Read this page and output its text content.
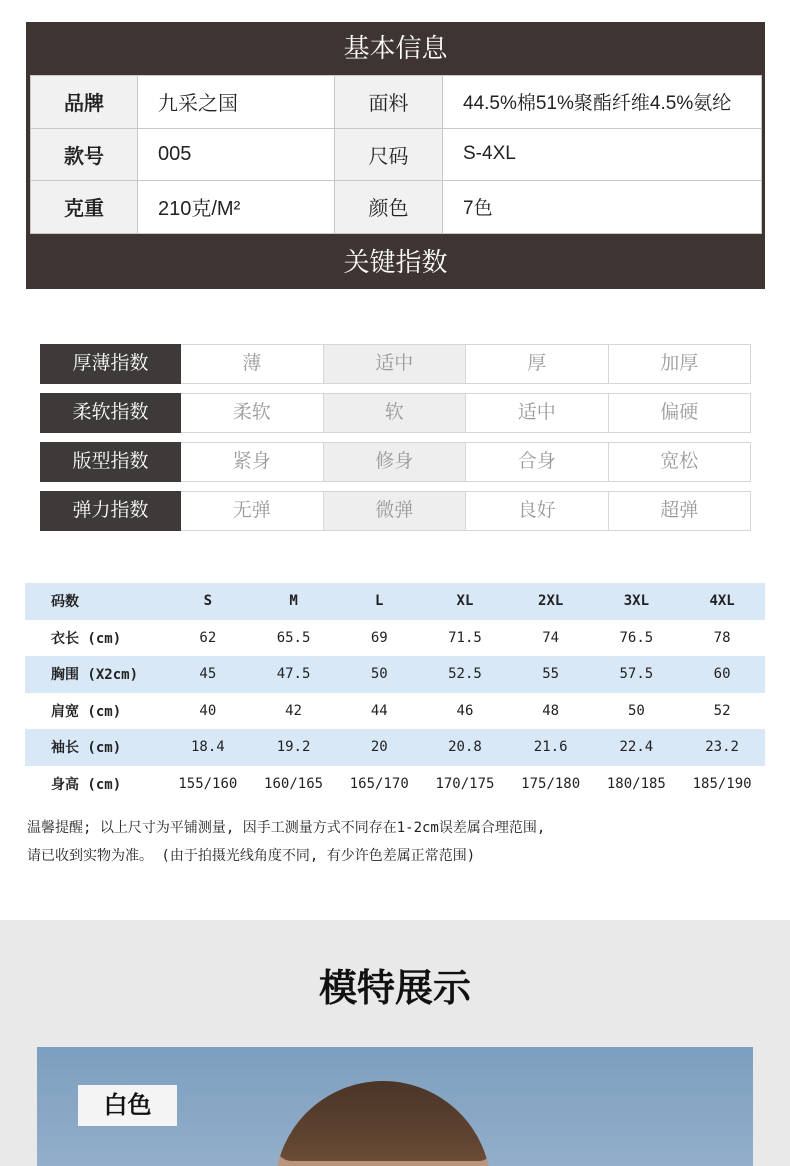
基本信息
品牌	九采之国	面料	44.5%棉51%聚酯纤维4.5%氨纶
款号	005	尺码	S-4XL
克重	210克/M²	颜色	7色
关键指数
厚薄指数	薄	适中	厚	加厚
柔软指数	柔软	软	适中	偏硬
版型指数	紧身	修身	合身	宽松
弹力指数	无弹	微弹	良好	超弹
码数	S	M	L	XL	2XL	3XL	4XL
衣长 (cm)	62	65.5	69	71.5	74	76.5	78
胸围 (X2cm)	45	47.5	50	52.5	55	57.5	60
肩宽 (cm)	40	42	44	46	48	50	52
袖长 (cm)	18.4	19.2	20	20.8	21.6	22.4	23.2
身高 (cm)	155/160	160/165	165/170	170/175	175/180	180/185	185/190
温馨提醒; 以上尺寸为平铺测量, 因手工测量方式不同存在1-2cm误差属合理范围,
请已收到实物为准。 (由于拍摄光线角度不同, 有少许色差属正常范围)
模特展示
白色
